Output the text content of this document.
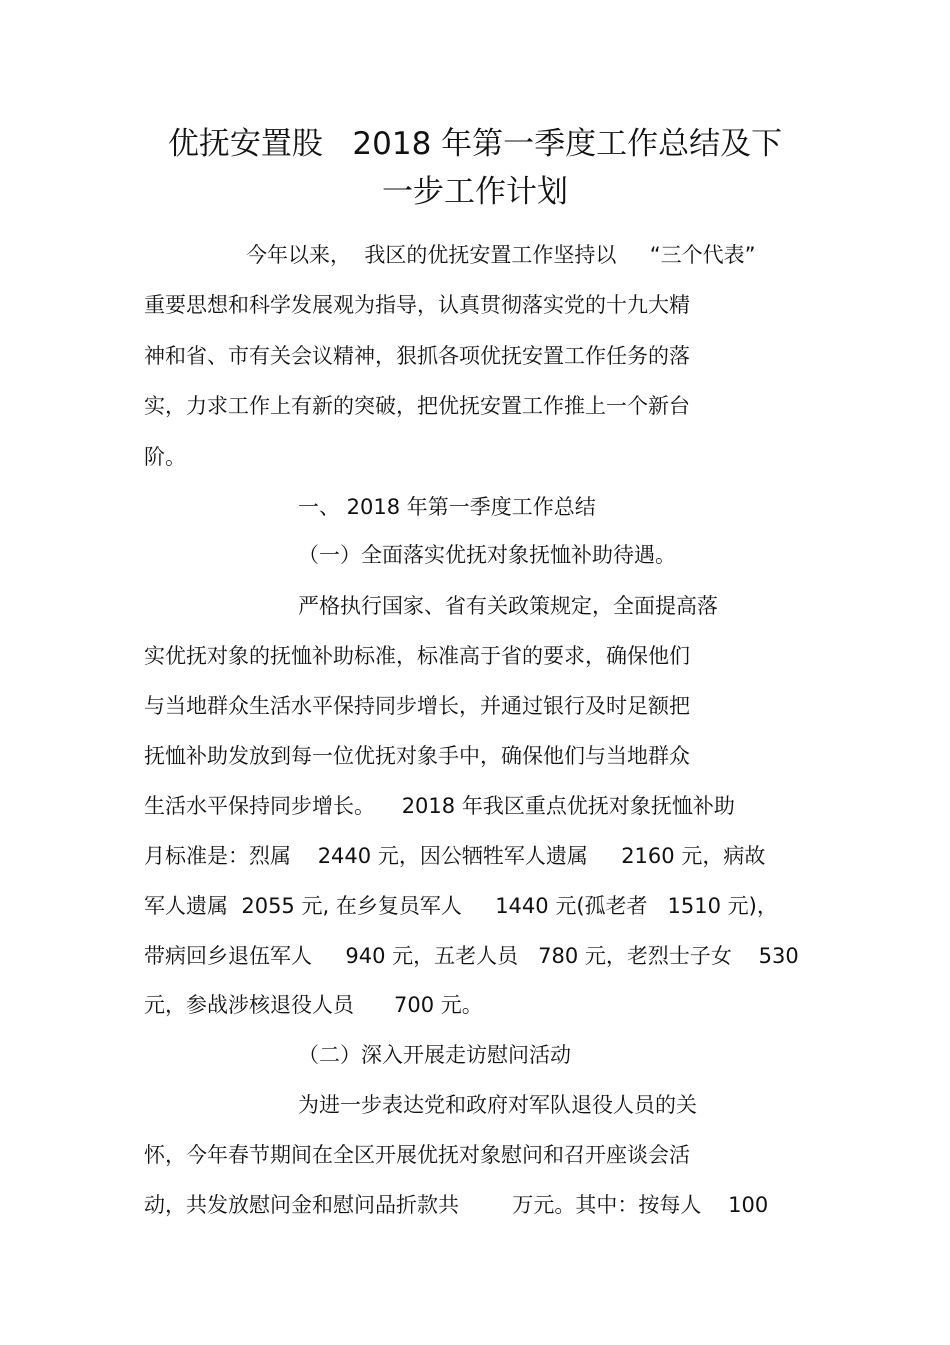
优抚安置股   2018 年第一季度工作总结及下
一步工作计划
今年以来，  我区的优抚安置工作坚持以     “三个代表”
重要思想和科学发展观为指导，认真贯彻落实党的十九大精
神和省、市有关会议精神，狠抓各项优抚安置工作任务的落
实，力求工作上有新的突破，把优抚安置工作推上一个新台
阶。
一、 2018 年第一季度工作总结
（一）全面落实优抚对象抚恤补助待遇。
严格执行国家、省有关政策规定，全面提高落
实优抚对象的抚恤补助标准，标准高于省的要求，确保他们
与当地群众生活水平保持同步增长，并通过银行及时足额把
抚恤补助发放到每一位优抚对象手中，确保他们与当地群众
生活水平保持同步增长。    2018 年我区重点优抚对象抚恤补助
月标准是：烈属    2440 元，因公牺牲军人遗属     2160 元，病故
军人遗属  2055 元, 在乡复员军人     1440 元(孤老者   1510 元)，
带病回乡退伍军人     940 元，五老人员   780 元，老烈士子女    530
元，参战涉核退役人员      700 元。
（二）深入开展走访慰问活动
为进一步表达党和政府对军队退役人员的关
怀，今年春节期间在全区开展优抚对象慰问和召开座谈会活
动，共发放慰问金和慰问品折款共        万元。其中：按每人    100
